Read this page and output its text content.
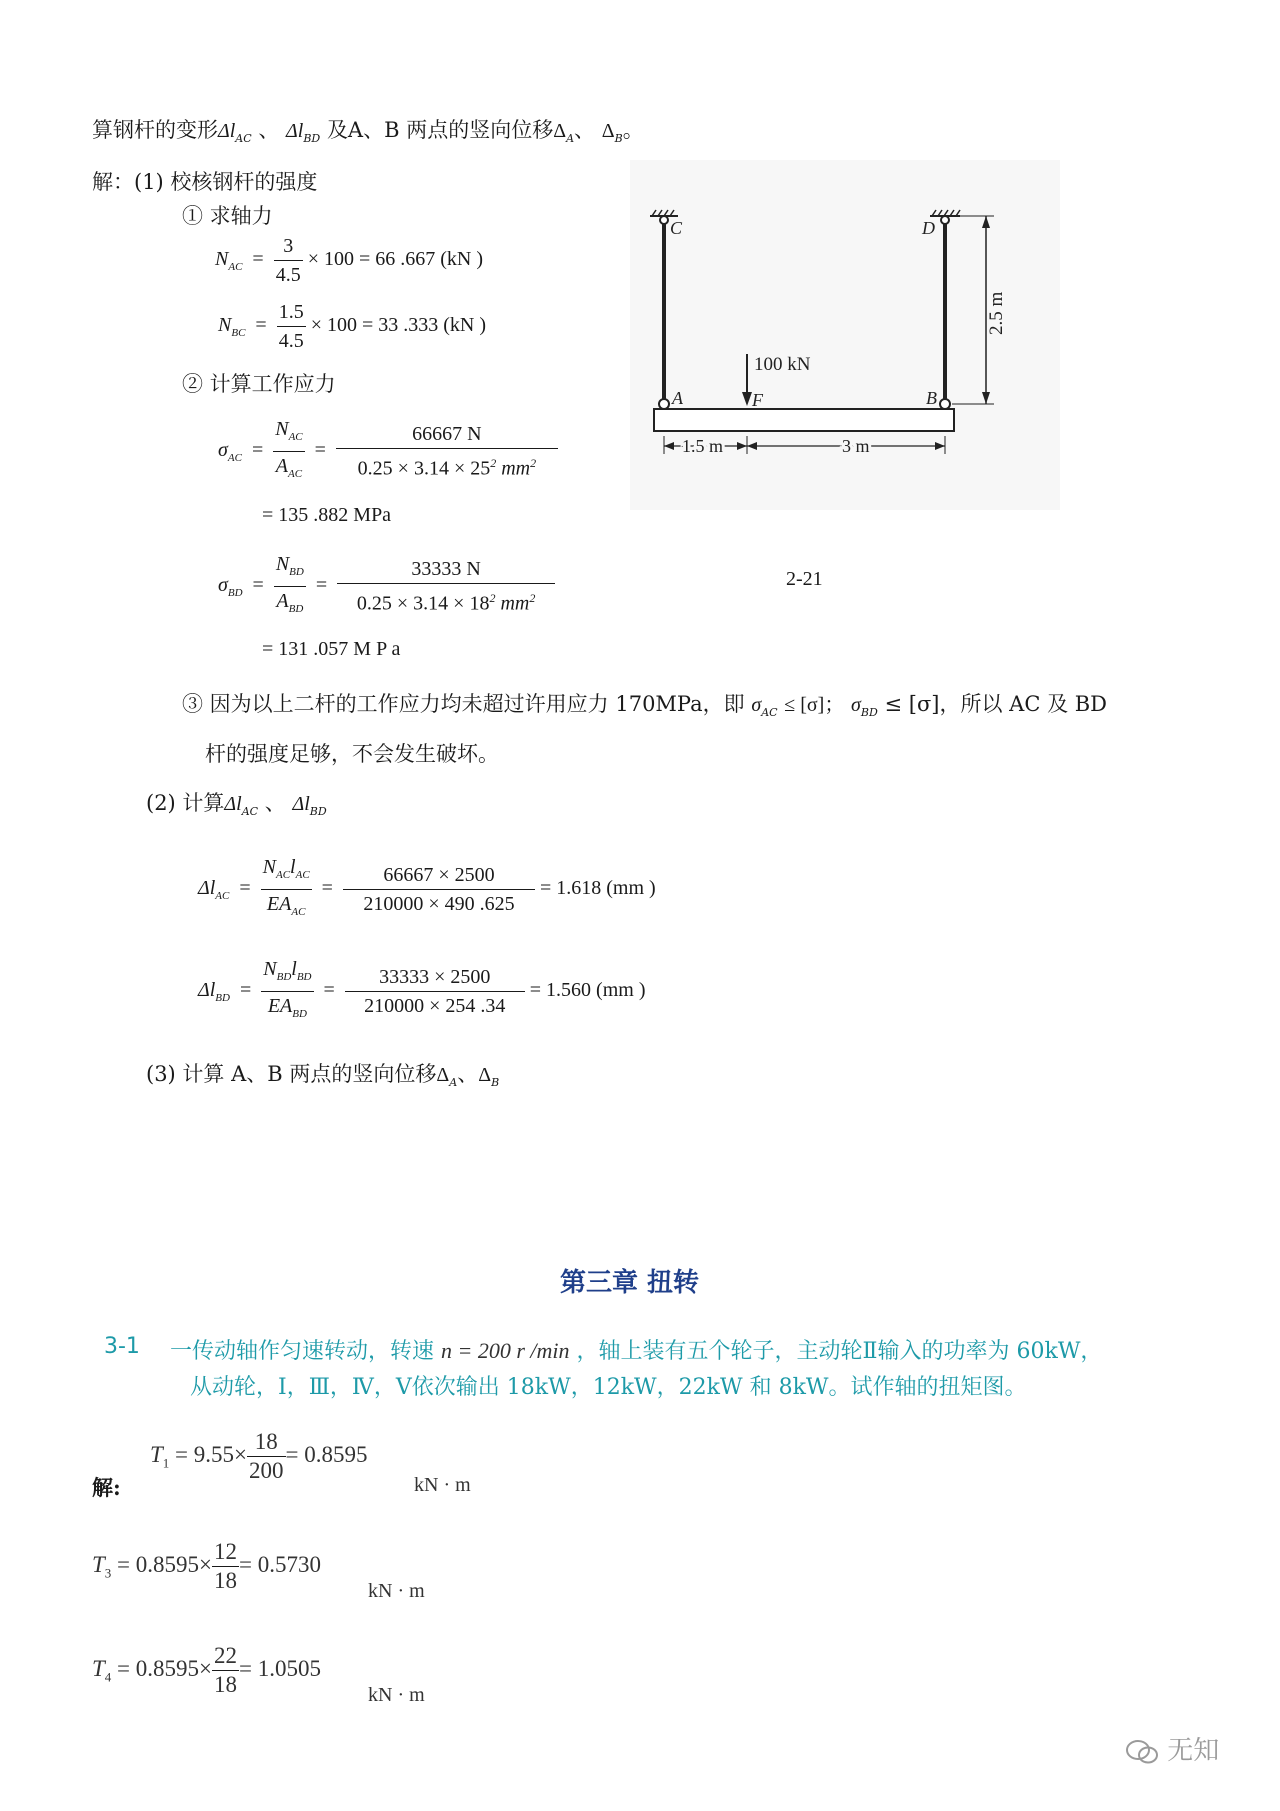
算钢杆的变形$\Delta l_{AC}$ 、 $\Delta l_{BD}$ 及A、B 两点的竖向位移$\Delta_A$、 $\Delta_B$。
解：(1) 校核钢杆的强度
① 求轴力
$N_{AC} = \frac{3}{4.5} \times 100 = 66$ .667 (kN )
$N_{BC} = \frac{1.5}{4.5} \times 100 = 33$ .333 (kN )
② 计算工作应力
$\sigma_{AC} = \frac{N_{AC}}{A_{AC}} = \frac{66667 N}{0.25 \times 3.14 \times 25^2 mm^2}$
= 135 .882 MPa
$\sigma_{BD} = \frac{N_{BD}}{A_{BD}} = \frac{33333 N}{0.25 \times 3.14 \times 18^2 mm^2}$
= 131 .057 M P a
2-21
③ 因为以上二杆的工作应力均未超过许用应力 170MPa，即 $\sigma_{AC} \le [\sigma]$； $\sigma_{BD} \le [\sigma]$，所以 AC 及 BD
杆的强度足够，不会发生破坏。
(2) 计算$\Delta l_{AC}$ 、 $\Delta l_{BD}$
$\Delta l_{AC} = \frac{N_{AC}l_{AC}}{EA_{AC}} = \frac{66667 \times 2500}{210000 \times 490 .625} = 1.618$ (mm )
$\Delta l_{BD} = \frac{N_{BD}l_{BD}}{EA_{BD}} = \frac{33333 \times 2500}{210000 \times 254 .34} = 1.560$ (mm )
(3) 计算 A、B 两点的竖向位移$\Delta_A$、$\Delta_B$
第三章 扭转
3-1 一传动轴作匀速转动，转速 n = 200 r /min ，轴上装有五个轮子，主动轮Ⅱ输入的功率为 60kW，
从动轮，Ⅰ，Ⅲ，Ⅳ，Ⅴ依次输出 18kW，12kW，22kW 和 8kW。试作轴的扭矩图。
解:
$T_1 = 9.55\times \frac{18}{200} = 0.8595$
kN · m
$T_3 = 0.8595\times \frac{12}{18} = 0.5730$
kN · m
$T_4 = 0.8595\times \frac{22}{18} = 1.0505$
kN · m
C	D
A	B
F
100 kN
2.5 m
1.5 m	3 m
无知
